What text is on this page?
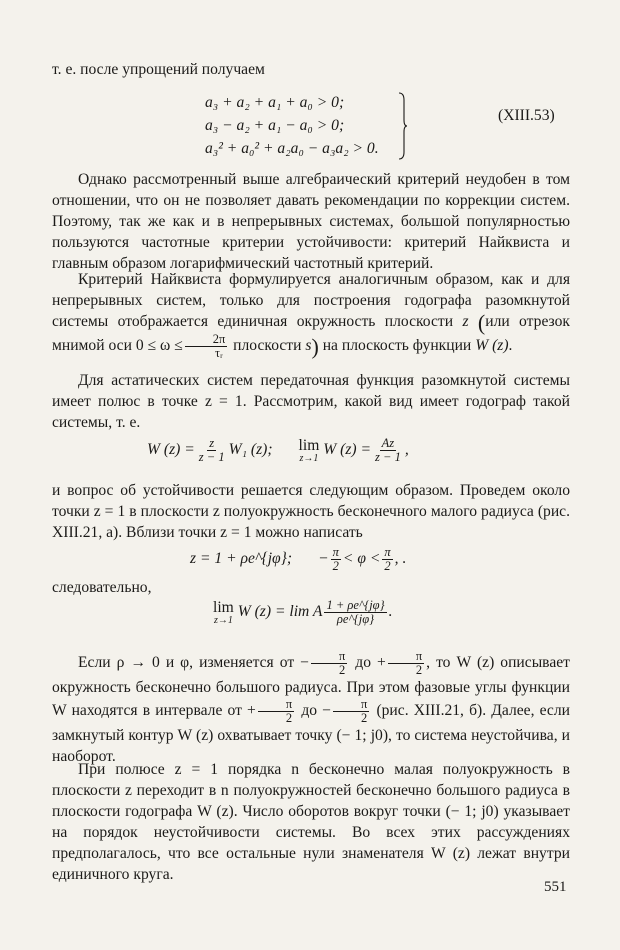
т. е. после упрощений получаем
a₃ + a₂ + a₁ + a₀ > 0;
a₃ − a₂ + a₁ − a₀ > 0;
a₃² + a₀² + a₂a₀ − a₃a₂ > 0.
(XIII.53)
Однако рассмотренный выше алгебраический критерий неудобен в том отношении, что он не позволяет давать рекомендации по коррекции систем. Поэтому, так же как и в непрерывных системах, большой популярностью пользуются частотные критерии устойчивости: критерий Найквиста и главным образом логарифмический частотный критерий.
Критерий Найквиста формулируется аналогичным образом, как и для непрерывных систем, только для построения годографа разомкнутой системы отображается единичная окружность плоскости z (или отрезок мнимой оси $0 \le \omega \le \frac{2\pi}{\text{τᵣ}}$ плоскости s) на плоскость функции W (z).
Для астатических систем передаточная функция разомкнутой системы имеет полюс в точке z = 1. Рассмотрим, какой вид имеет годограф такой системы, т. е.
W $(z) = \frac{z}{z - 1} W_1$ (z); lim
z→1 W $(z) = \frac{Az}{z - 1}$ ,
и вопрос об устойчивости решается следующим образом. Проведем около точки z = 1 в плоскости z полуокружность бесконечного малого радиуса (рис. XIII.21, а). Вблизи точки z = 1 можно написать
z = 1 + ρe^{jφ}; − $\frac{\pi}{2} < \varphi < \frac{\pi}{2}$ , .
следовательно,
lim
z→1 W (z) = lim A $\frac{1 + \rho e\^{}\{j\varphi\}}{\rho e\^{}\{j\varphi\}}$ .
Если ρ → 0 и φ, изменяется от − $\frac{\pi}{2}$ до + $\frac{\pi}{2}$ , то W (z) описывает окружность бесконечно большого радиуса. При этом фазовые углы функции W находятся в интервале от + $\frac{\pi}{2}$ до − $\frac{\pi}{2} (рис$. XIII.21, б). Далее, если замкнутый контур W (z) охватывает точку (− 1; j0), то система неустойчива, и наоборот.
При полюсе z = 1 порядка n бесконечно малая полуокружность в плоскости z переходит в n полуокружностей бесконечно большого радиуса в плоскости годографа W (z). Число оборотов вокруг точки (− 1; j0) указывает на порядок неустойчивости системы. Во всех этих рассуждениях предполагалось, что все остальные нули знаменателя W (z) лежат внутри единичного круга.
551
